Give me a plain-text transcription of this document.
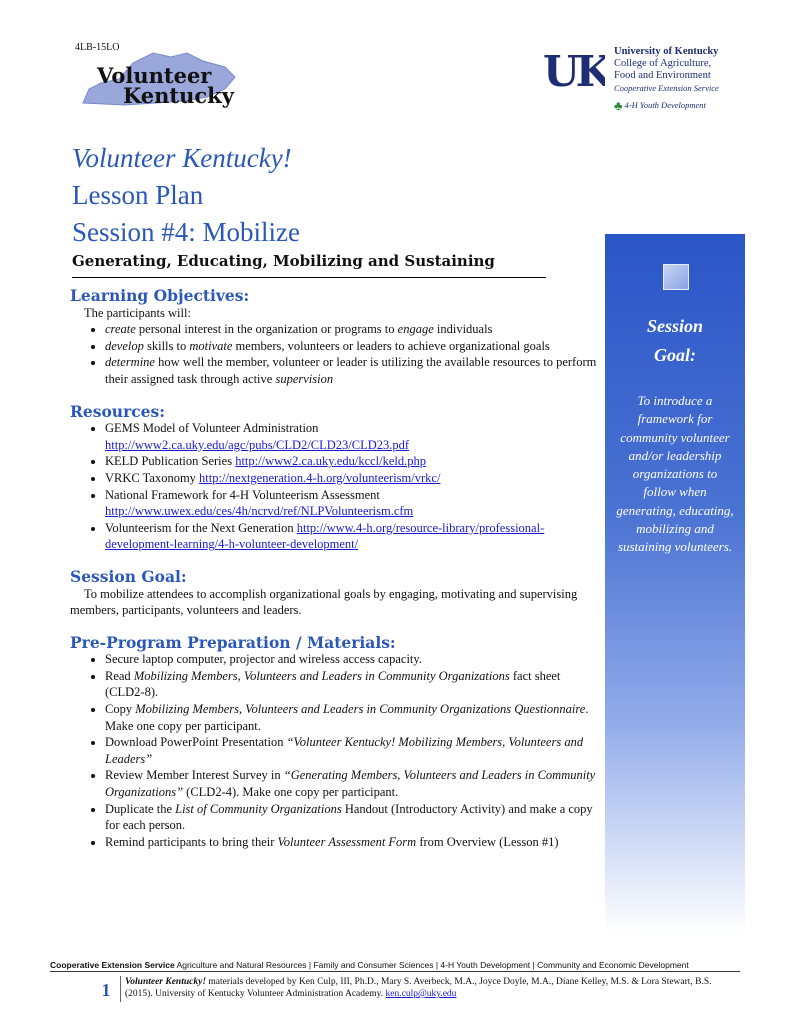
4LB-15LO
Volunteer
Kentucky	UK University of Kentucky
College of Agriculture,
Food and Environment
Cooperative Extension Service
♣ 4-H Youth Development
Volunteer Kentucky!
Lesson Plan
Session #4: Mobilize
Generating, Educating, Mobilizing and Sustaining
Learning Objectives:
The participants will:
• create personal interest in the organization or programs to engage individuals
• develop skills to motivate members, volunteers or leaders to achieve organizational goals
• determine how well the member, volunteer or leader is utilizing the available resources to perform their assigned task through active supervision
Resources:
• GEMS Model of Volunteer Administration
http://www2.ca.uky.edu/agc/pubs/CLD2/CLD23/CLD23.pdf
• KELD Publication Series http://www2.ca.uky.edu/kccl/keld.php
• VRKC Taxonomy http://nextgeneration.4-h.org/volunteerism/vrkc/
• National Framework for 4-H Volunteerism Assessment
http://www.uwex.edu/ces/4h/ncrvd/ref/NLPVolunteerism.cfm
• Volunteerism for the Next Generation http://www.4-h.org/resource-library/professional-development-learning/4-h-volunteer-development/
Session Goal:
To mobilize attendees to accomplish organizational goals by engaging, motivating and supervising members, participants, volunteers and leaders.
Pre-Program Preparation / Materials:
• Secure laptop computer, projector and wireless access capacity.
• Read Mobilizing Members, Volunteers and Leaders in Community Organizations fact sheet (CLD2-8).
• Copy Mobilizing Members, Volunteers and Leaders in Community Organizations Questionnaire. Make one copy per participant.
• Download PowerPoint Presentation “Volunteer Kentucky! Mobilizing Members, Volunteers and Leaders”
• Review Member Interest Survey in “Generating Members, Volunteers and Leaders in Community Organizations” (CLD2-4). Make one copy per participant.
• Duplicate the List of Community Organizations Handout (Introductory Activity) and make a copy for each person.
• Remind participants to bring their Volunteer Assessment Form from Overview (Lesson #1)
Session
Goal:
To introduce a framework for community volunteer and/or leadership organizations to follow when generating, educating, mobilizing and sustaining volunteers.
Cooperative Extension Service Agriculture and Natural Resources | Family and Consumer Sciences | 4-H Youth Development | Community and Economic Development
1	Volunteer Kentucky! materials developed by Ken Culp, III, Ph.D., Mary S. Averbeck, M.A., Joyce Doyle, M.A., Diane Kelley, M.S. & Lora Stewart, B.S. (2015). University of Kentucky Volunteer Administration Academy. ken.culp@uky.edu
